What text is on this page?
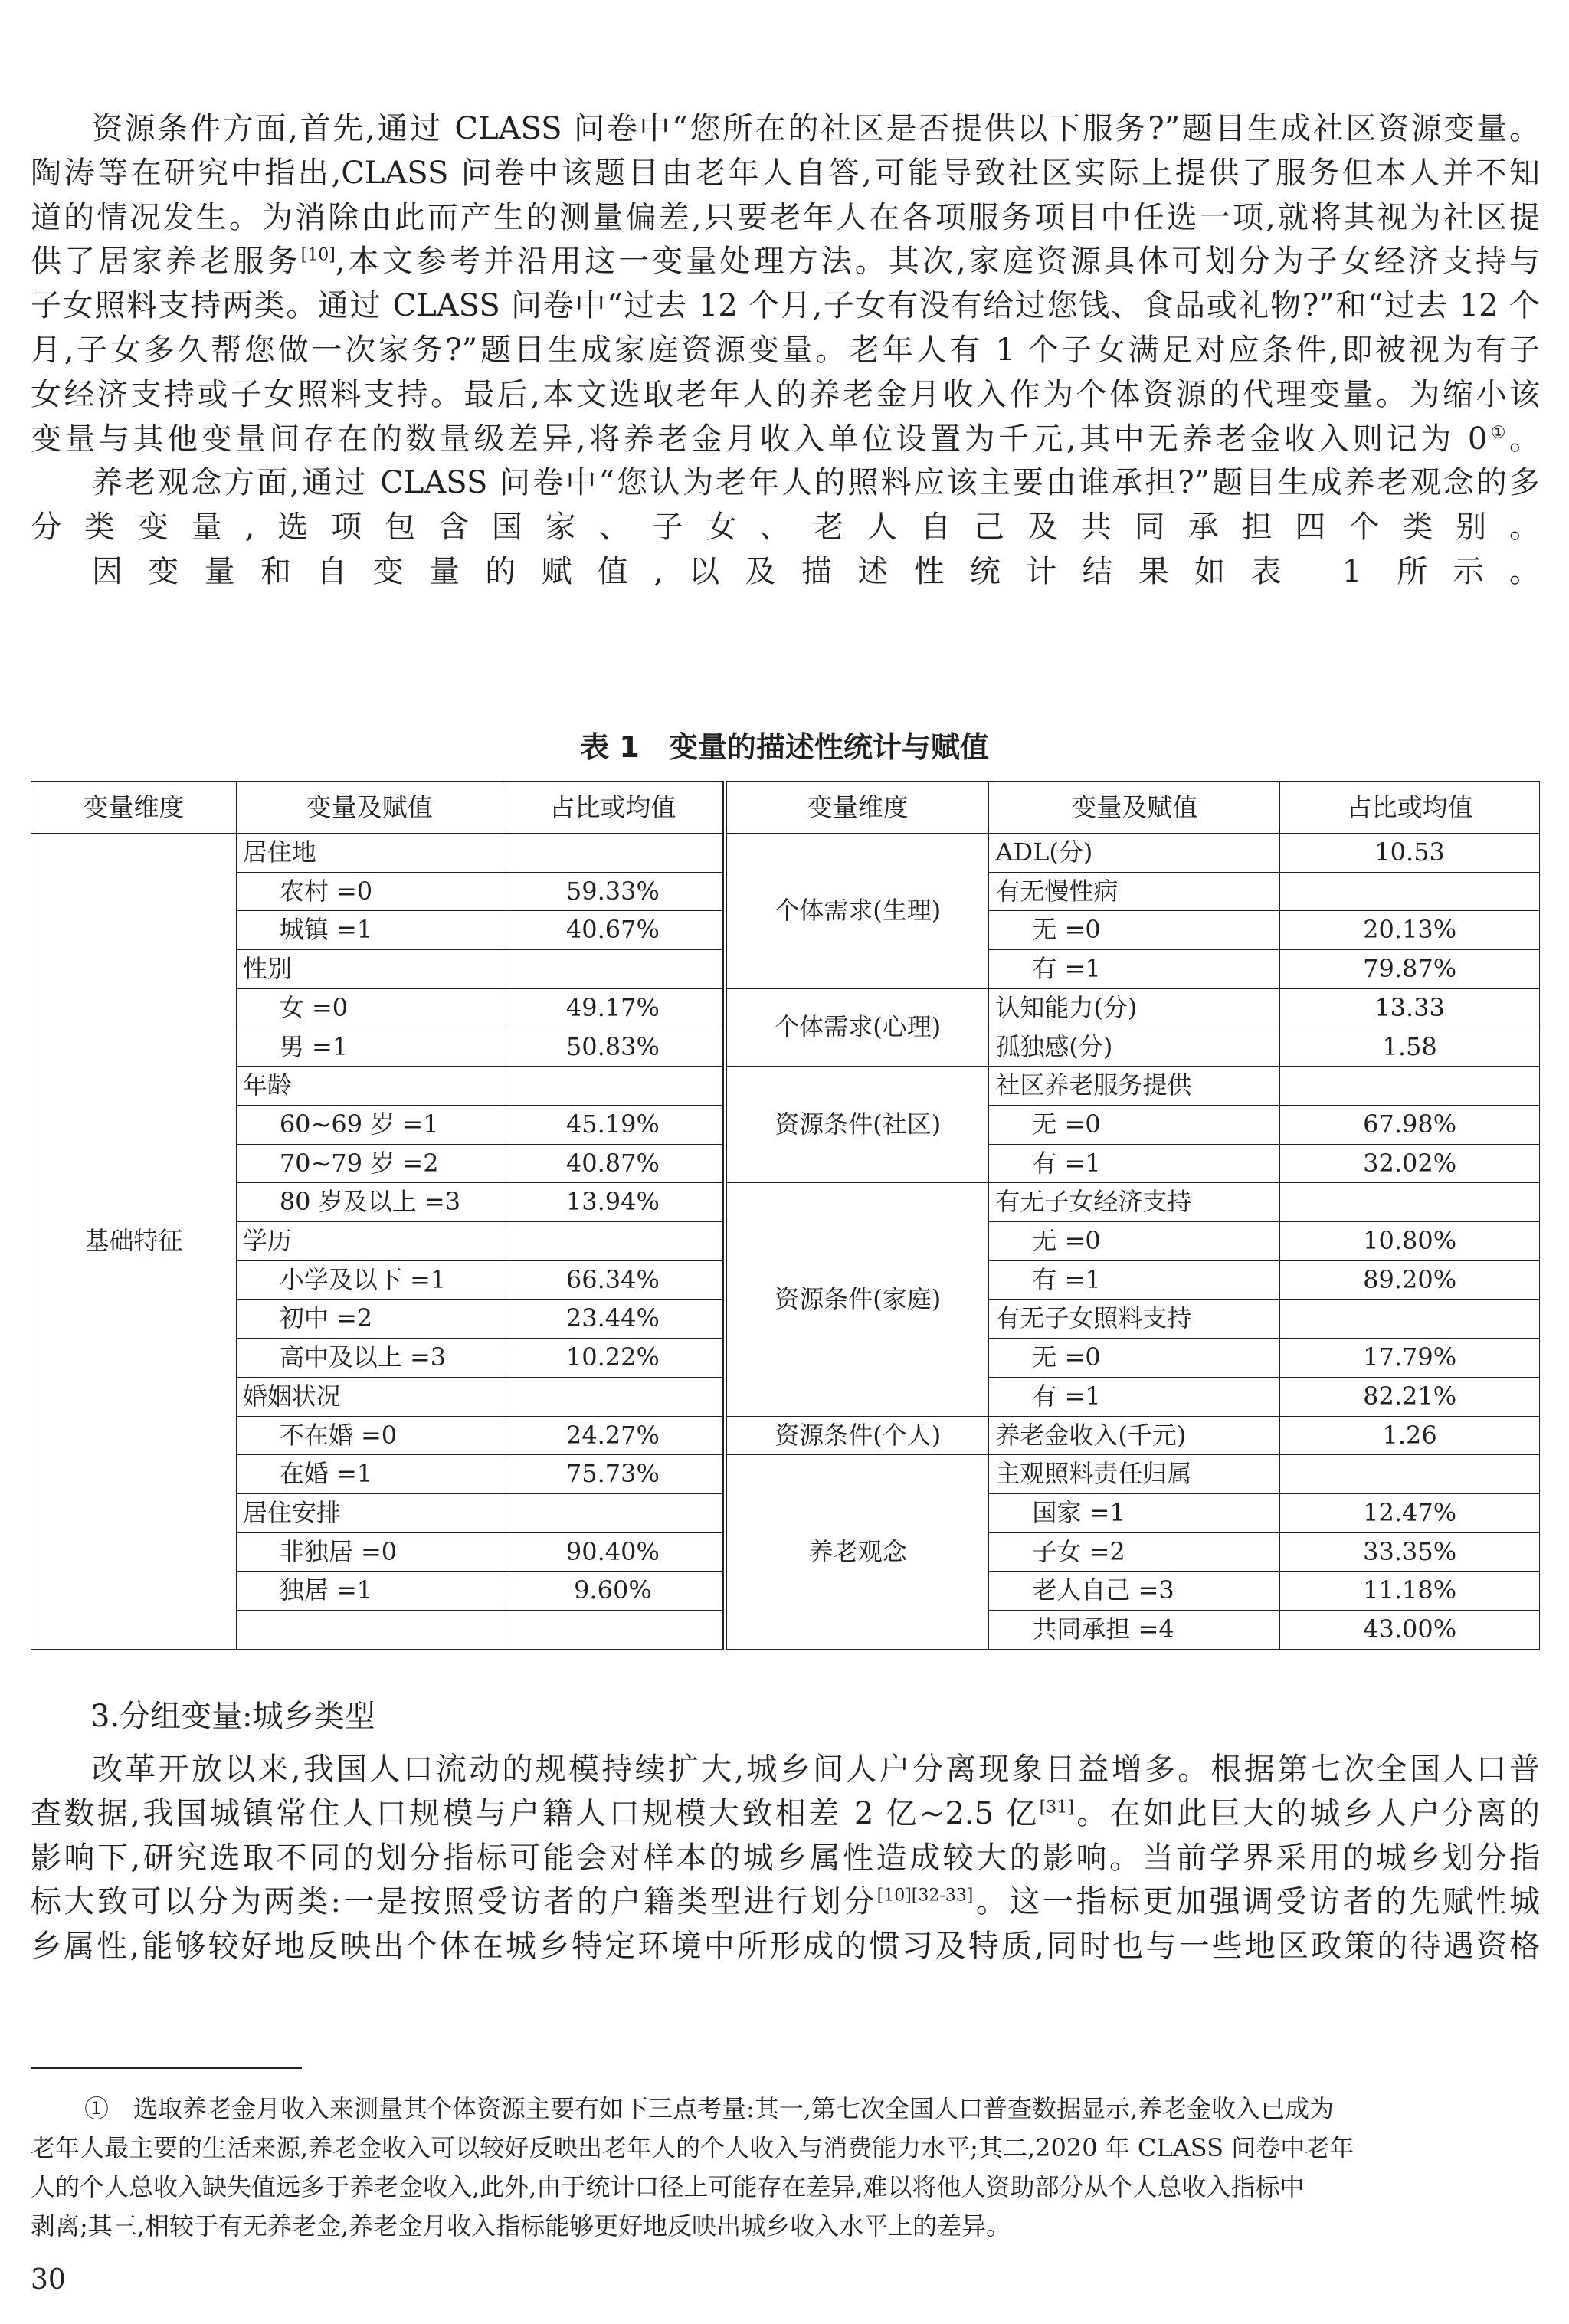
资源条件方面,首先,通过 CLASS 问卷中“您所在的社区是否提供以下服务?”题目生成社区资源变量。
陶涛等在研究中指出,CLASS 问卷中该题目由老年人自答,可能导致社区实际上提供了服务但本人并不知
道的情况发生。为消除由此而产生的测量偏差,只要老年人在各项服务项目中任选一项,就将其视为社区提
供了居家养老服务[10],本文参考并沿用这一变量处理方法。其次,家庭资源具体可划分为子女经济支持与
子女照料支持两类。通过 CLASS 问卷中“过去 12 个月,子女有没有给过您钱、食品或礼物?”和“过去 12 个
月,子女多久帮您做一次家务?”题目生成家庭资源变量。老年人有 1 个子女满足对应条件,即被视为有子
女经济支持或子女照料支持。最后,本文选取老年人的养老金月收入作为个体资源的代理变量。为缩小该
变量与其他变量间存在的数量级差异,将养老金月收入单位设置为千元,其中无养老金收入则记为 0①。
养老观念方面,通过 CLASS 问卷中“您认为老年人的照料应该主要由谁承担?”题目生成养老观念的多
分类变量,选项包含国家、子女、老人自己及共同承担四个类别。
因变量和自变量的赋值,以及描述性统计结果如表 1 所示。
表 1　变量的描述性统计与赋值
变量维度	变量及赋值	占比或均值	变量维度	变量及赋值	占比或均值
基础特征	居住地		个体需求(生理)	ADL(分)	10.53
	农村 =0	59.33%		有无慢性病	
	城镇 =1	40.67%		无 =0	20.13%
	性别			有 =1	79.87%
	女 =0	49.17%	个体需求(心理)	认知能力(分)	13.33
	男 =1	50.83%		孤独感(分)	1.58
	年龄		资源条件(社区)	社区养老服务提供	
	60~69 岁 =1	45.19%		无 =0	67.98%
	70~79 岁 =2	40.87%		有 =1	32.02%
	80 岁及以上 =3	13.94%	资源条件(家庭)	有无子女经济支持	
	学历			无 =0	10.80%
	小学及以下 =1	66.34%		有 =1	89.20%
	初中 =2	23.44%		有无子女照料支持	
	高中及以上 =3	10.22%		无 =0	17.79%
	婚姻状况			有 =1	82.21%
	不在婚 =0	24.27%	资源条件(个人)	养老金收入(千元)	1.26
	在婚 =1	75.73%	养老观念	主观照料责任归属	
	居住安排			国家 =1	12.47%
	非独居 =0	90.40%		子女 =2	33.35%
	独居 =1	9.60%		老人自己 =3	11.18%
				共同承担 =4	43.00%
3.分组变量:城乡类型
改革开放以来,我国人口流动的规模持续扩大,城乡间人户分离现象日益增多。根据第七次全国人口普
查数据,我国城镇常住人口规模与户籍人口规模大致相差 2 亿~2.5 亿[31]。在如此巨大的城乡人户分离的
影响下,研究选取不同的划分指标可能会对样本的城乡属性造成较大的影响。当前学界采用的城乡划分指
标大致可以分为两类:一是按照受访者的户籍类型进行划分[10][32-33]。这一指标更加强调受访者的先赋性城
乡属性,能够较好地反映出个体在城乡特定环境中所形成的惯习及特质,同时也与一些地区政策的待遇资格
①　选取养老金月收入来测量其个体资源主要有如下三点考量:其一,第七次全国人口普查数据显示,养老金收入已成为
老年人最主要的生活来源,养老金收入可以较好反映出老年人的个人收入与消费能力水平;其二,2020 年 CLASS 问卷中老年
人的个人总收入缺失值远多于养老金收入,此外,由于统计口径上可能存在差异,难以将他人资助部分从个人总收入指标中
剥离;其三,相较于有无养老金,养老金月收入指标能够更好地反映出城乡收入水平上的差异。
30
